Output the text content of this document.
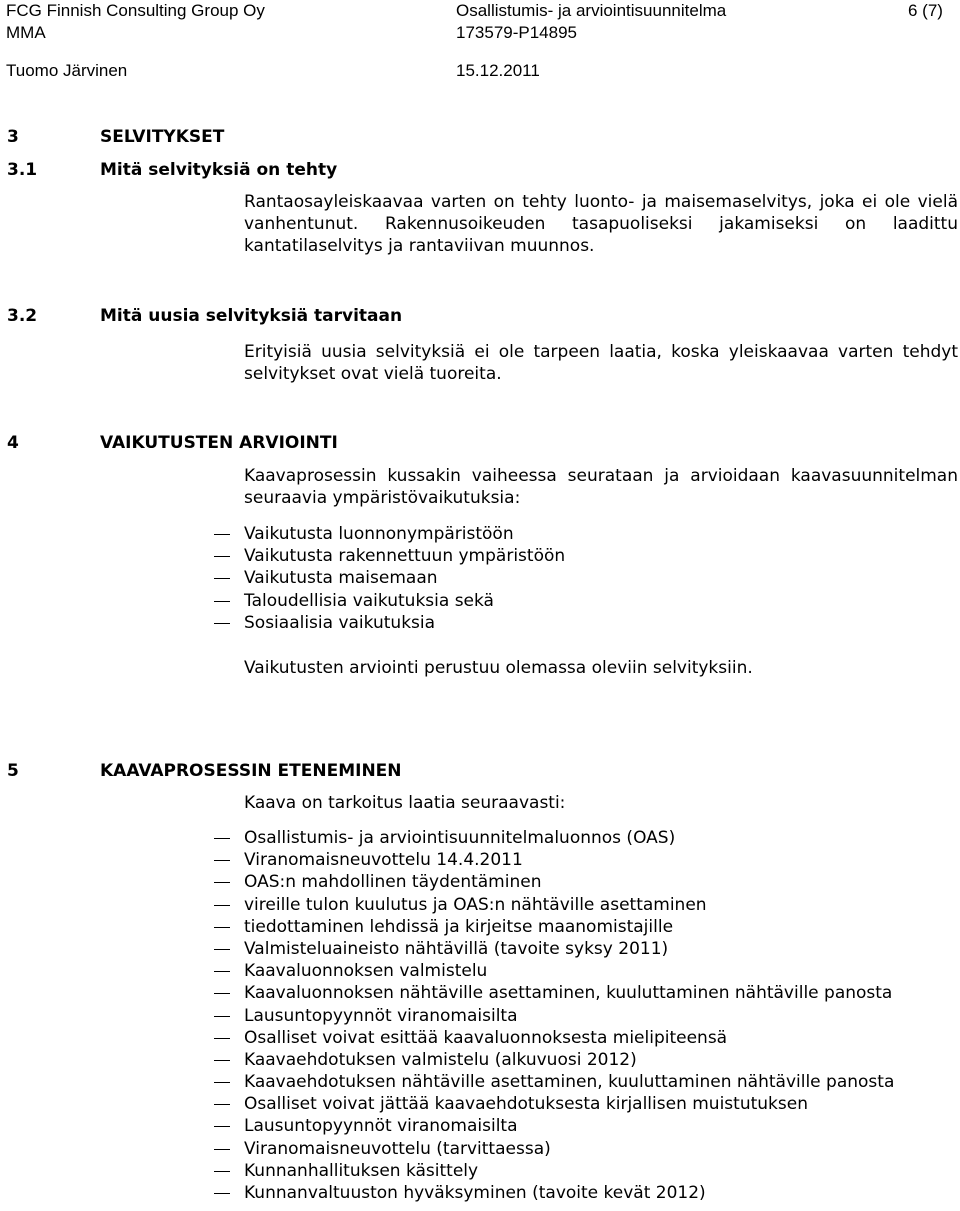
FCG Finnish Consulting Group Oy
MMA
Tuomo Järvinen
Osallistumis- ja arviointisuunnitelma
173579-P14895
15.12.2011
6 (7)
3	SELVITYKSET
3.1	Mitä selvityksiä on tehty

Rantaosayleiskaavaa varten on tehty luonto- ja maisemaselvitys, joka ei ole vielä vanhentunut. Rakennusoikeuden tasapuoliseksi jakamiseksi on laadittu kantatilaselvitys ja rantaviivan muunnos.

3.2	Mitä uusia selvityksiä tarvitaan

Erityisiä uusia selvityksiä ei ole tarpeen laatia, koska yleiskaavaa varten tehdyt selvitykset ovat vielä tuoreita.

4	VAIKUTUSTEN ARVIOINTI

Kaavaprosessin kussakin vaiheessa seurataan ja arvioidaan kaavasuunnitelman seuraavia ympäristövaikutuksia:

Vaikutusta luonnonympäristöön
Vaikutusta rakennettuun ympäristöön
Vaikutusta maisemaan
Taloudellisia vaikutuksia sekä
Sosiaalisia vaikutuksia

Vaikutusten arviointi perustuu olemassa oleviin selvityksiin.

5	KAAVAPROSESSIN ETENEMINEN

Kaava on tarkoitus laatia seuraavasti:

Osallistumis- ja arviointisuunnitelmaluonnos (OAS)
Viranomaisneuvottelu 14.4.2011
OAS:n mahdollinen täydentäminen
vireille tulon kuulutus ja OAS:n nähtäville asettaminen
tiedottaminen lehdissä ja kirjeitse maanomistajille
Valmisteluaineisto nähtävillä (tavoite syksy 2011)
Kaavaluonnoksen valmistelu
Kaavaluonnoksen nähtäville asettaminen, kuuluttaminen nähtäville panosta
Lausuntopyynnöt viranomaisilta
Osalliset voivat esittää kaavaluonnoksesta mielipiteensä
Kaavaehdotuksen valmistelu (alkuvuosi 2012)
Kaavaehdotuksen nähtäville asettaminen, kuuluttaminen nähtäville panosta
Osalliset voivat jättää kaavaehdotuksesta kirjallisen muistutuksen
Lausuntopyynnöt viranomaisilta
Viranomaisneuvottelu (tarvittaessa)
Kunnanhallituksen käsittely
Kunnanvaltuuston hyväksyminen (tavoite kevät 2012)
